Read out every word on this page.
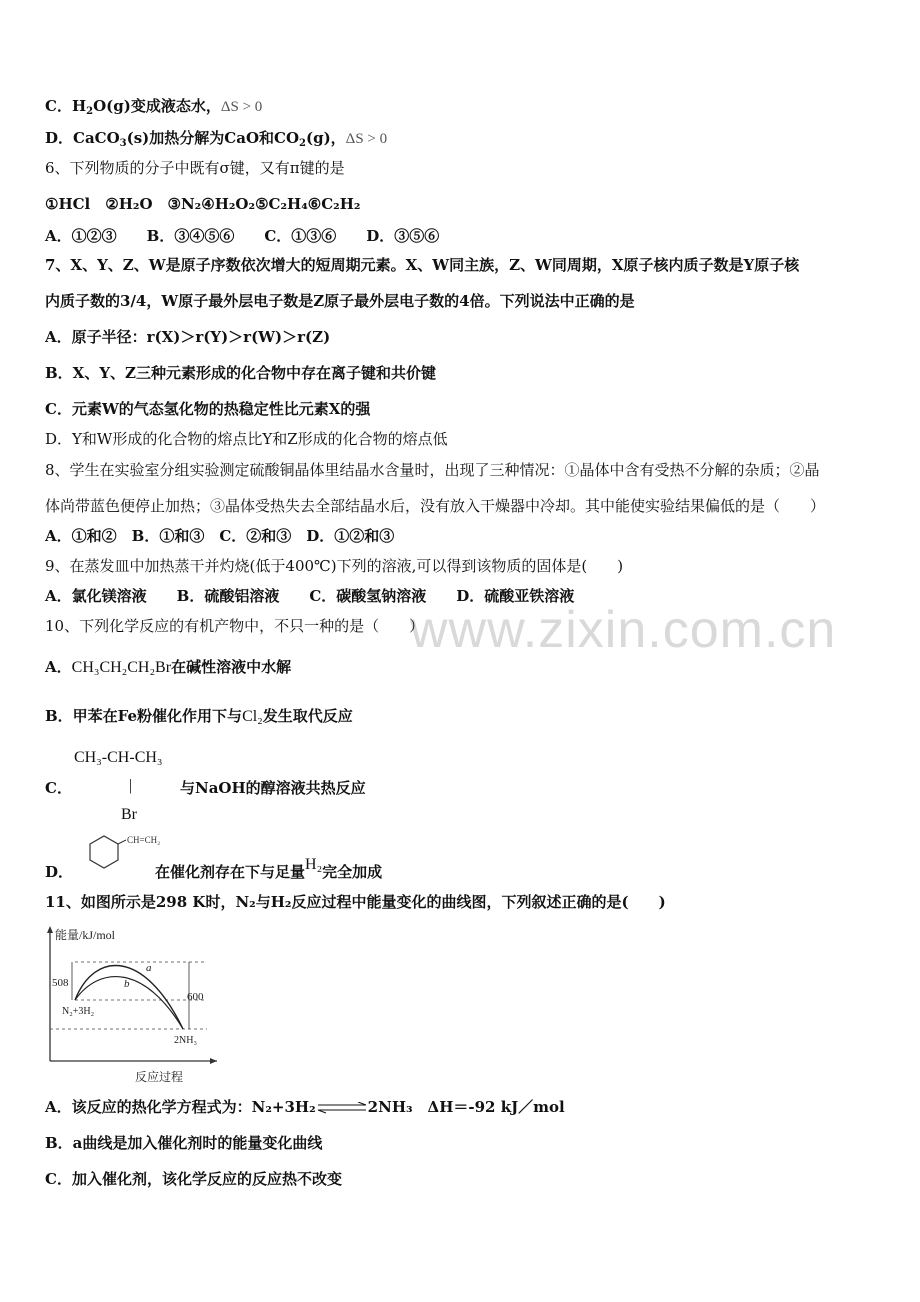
www.zixin.com.cn
C．$H_2O(g)$变成液态水，ΔS > 0
D．CaCO$_3$(s)加热分解为CaO和$CO_2(g)$，ΔS > 0
6、下列物质的分子中既有σ键，又有π键的是
①HCl　②H₂O　③N₂④H₂O₂⑤C₂H₄⑥C₂H₂
A．①②③　　B．③④⑤⑥　　C．①③⑥　　D．③⑤⑥
7、X、Y、Z、W是原子序数依次增大的短周期元素。X、W同主族，Z、W同周期，X原子核内质子数是Y原子核
内质子数的3/4，W原子最外层电子数是Z原子最外层电子数的4倍。下列说法中正确的是
A．原子半径：r(X)＞r(Y)＞r(W)＞r(Z)
B．X、Y、Z三种元素形成的化合物中存在离子键和共价键
C．元素W的气态氢化物的热稳定性比元素X的强
D．Y和W形成的化合物的熔点比Y和Z形成的化合物的熔点低
8、学生在实验室分组实验测定硫酸铜晶体里结晶水含量时，出现了三种情况：①晶体中含有受热不分解的杂质；②晶
体尚带蓝色便停止加热；③晶体受热失去全部结晶水后，没有放入干燥器中冷却。其中能使实验结果偏低的是（　　）
A．①和②　B．①和③　C．②和③　D．①②和③
9、在蒸发皿中加热蒸干并灼烧(低于400℃)下列的溶液,可以得到该物质的固体是(　　)
A．氯化镁溶液　　B．硫酸铝溶液　　C．碳酸氢钠溶液　　D．硫酸亚铁溶液
10、下列化学反应的有机产物中，不只一种的是（　　）
A．CH₃CH₂CH₂Br在碱性溶液中水解
B．甲苯在Fe粉催化作用下与Cl₂发生取代反应
CH₃-CH-CH₃
C．	|	与NaOH的醇溶液共热反应
Br
D．
CH=CH₂
在催化剂存在下与足量H₂完全加成
11、如图所示是298 K时，N₂与H₂反应过程中能量变化的曲线图，下列叙述正确的是(　　)
能量/kJ/mol
508
600
a
b
N₂+3H₂
2NH₃
反应过程
A．该反应的热化学方程式为：N₂+3H₂⇌2NH₃　ΔH＝-92 kJ／mol
B．a曲线是加入催化剂时的能量变化曲线
C．加入催化剂，该化学反应的反应热不改变
